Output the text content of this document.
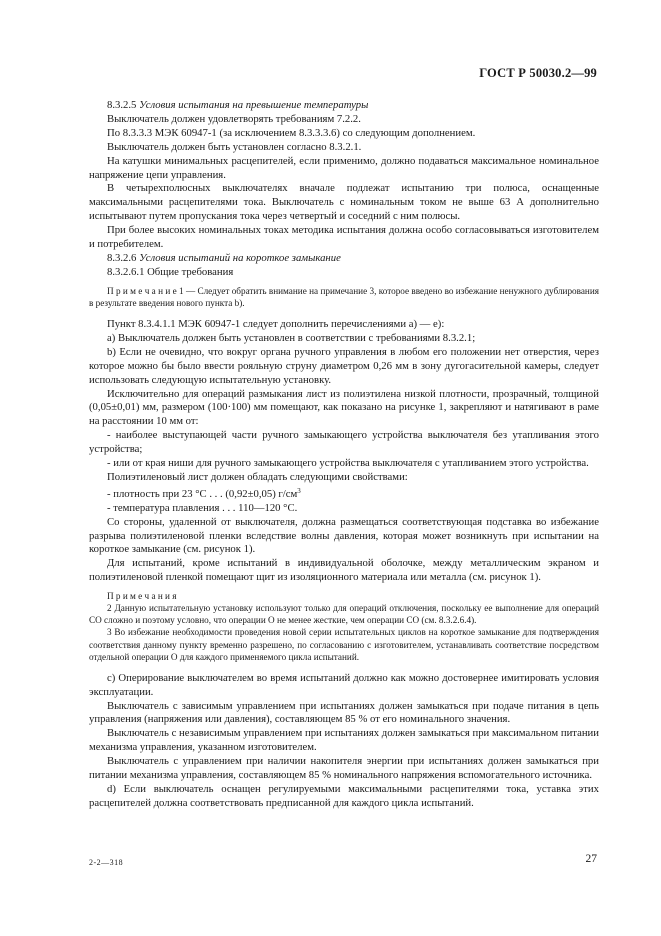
ГОСТ Р 50030.2—99

8.3.2.5 Условия испытания на превышение температуры

Выключатель должен удовлетворять требованиям 7.2.2.

По 8.3.3.3 МЭК 60947-1 (за исключением 8.3.3.3.6) со следующим дополнением.

Выключатель должен быть установлен согласно 8.3.2.1.

На катушки минимальных расцепителей, если применимо, должно подаваться максимальное номинальное напряжение цепи управления.

В четырехполюсных выключателях вначале подлежат испытанию три полюса, оснащенные максимальными расцепителями тока. Выключатель с номинальным током не выше 63 А дополнительно испытывают путем пропускания тока через четвертый и соседний с ним полюсы.

При более высоких номинальных токах методика испытания должна особо согласовываться изготовителем и потребителем.

8.3.2.6 Условия испытаний на короткое замыкание

8.3.2.6.1 Общие требования

П р и м е ч а н и е 1 — Следует обратить внимание на примечание 3, которое введено во избежание ненужного дублирования в результате введения нового пункта b).

Пункт 8.3.4.1.1 МЭК 60947-1 следует дополнить перечислениями а) — е):

а) Выключатель должен быть установлен в соответствии с требованиями 8.3.2.1;

b) Если не очевидно, что вокруг органа ручного управления в любом его положении нет отверстия, через которое можно бы было ввести рояльную струну диаметром 0,26 мм в зону дугогасительной камеры, следует использовать следующую испытательную установку.

Исключительно для операций размыкания лист из полиэтилена низкой плотности, прозрачный, толщиной (0,05±0,01) мм, размером (100·100) мм помещают, как показано на рисунке 1, закрепляют и натягивают в раме на расстоянии 10 мм от:

- наиболее выступающей части ручного замыкающего устройства выключателя без утапливания этого устройства;

- или от края ниши для ручного замыкающего устройства выключателя с утапливанием этого устройства.

Полиэтиленовый лист должен обладать следующими свойствами:

- плотность при 23 °С . . . (0,92±0,05) $г/см^3$

- температура плавления . . . 110—120 °С.

Со стороны, удаленной от выключателя, должна размещаться соответствующая подставка во избежание разрыва полиэтиленовой пленки вследствие волны давления, которая может возникнуть при испытании на короткое замыкание (см. рисунок 1).

Для испытаний, кроме испытаний в индивидуальной оболочке, между металлическим экраном и полиэтиленовой пленкой помещают щит из изоляционного материала или металла (см. рисунок 1).

П р и м е ч а н и я

2 Данную испытательную установку используют только для операций отключения, поскольку ее выполнение для операций СО сложно и поэтому условно, что операции О не менее жесткие, чем операции СО (см. 8.3.2.6.4).

3 Во избежание необходимости проведения новой серии испытательных циклов на короткое замыкание для подтверждения соответствия данному пункту временно разрешено, по согласованию с изготовителем, устанавливать соответствие посредством отдельной операции О для каждого применяемого цикла испытаний.

с) Оперирование выключателем во время испытаний должно как можно достовернее имитировать условия эксплуатации.

Выключатель с зависимым управлением при испытаниях должен замыкаться при подаче питания в цепь управления (напряжения или давления), составляющем 85 % от его номинального значения.

Выключатель с независимым управлением при испытаниях должен замыкаться при максимальном питании механизма управления, указанном изготовителем.

Выключатель с управлением при наличии накопителя энергии при испытаниях должен замыкаться при питании механизма управления, составляющем 85 % номинального напряжения вспомогательного источника.

d) Если выключатель оснащен регулируемыми максимальными расцепителями тока, уставка этих расцепителей должна соответствовать предписанной для каждого цикла испытаний.

2-2—318	27
